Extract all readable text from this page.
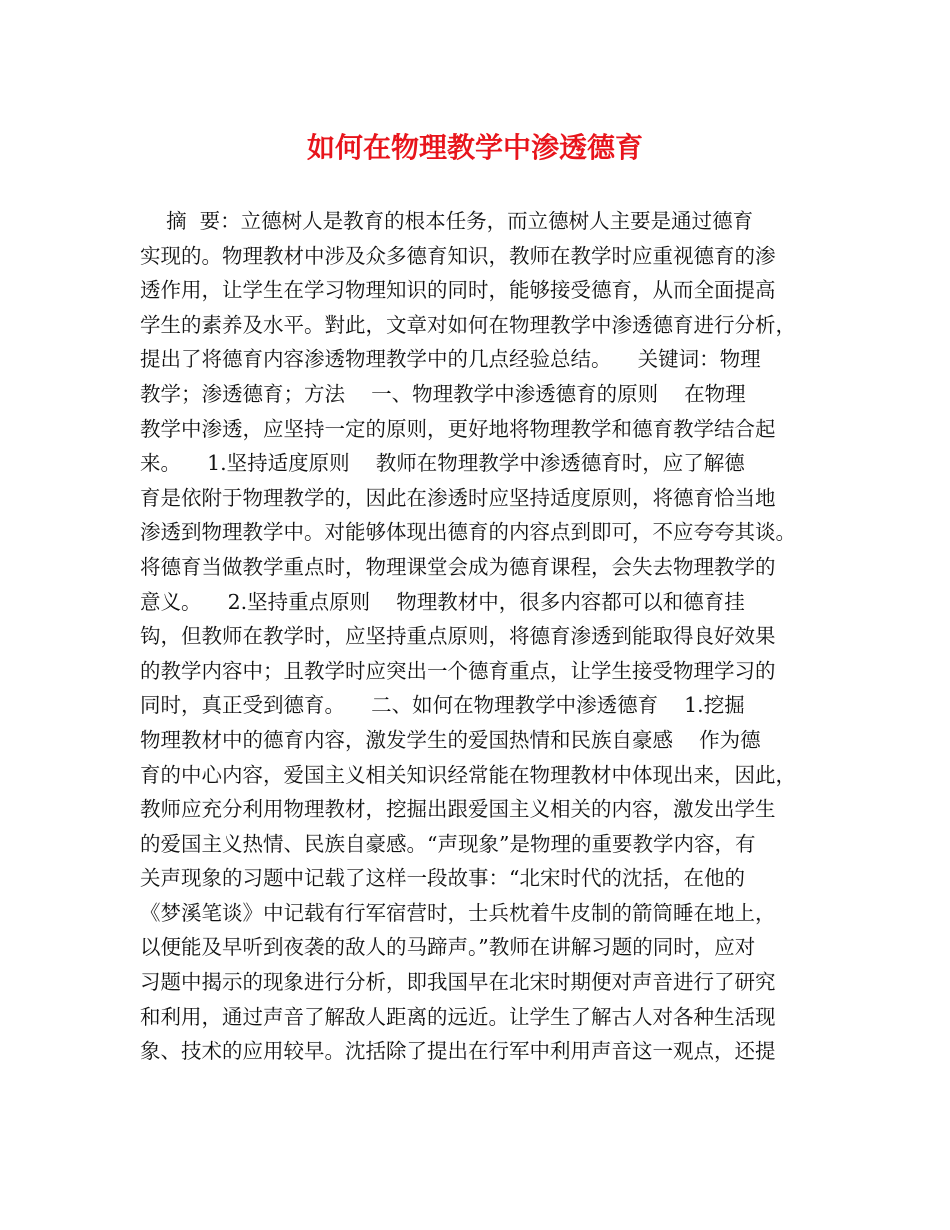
如何在物理教学中渗透德育
摘  要：立德树人是教育的根本任务，而立德树人主要是通过德育
实现的。物理教材中涉及众多德育知识，教师在教学时应重视德育的渗
透作用，让学生在学习物理知识的同时，能够接受德育，从而全面提高
学生的素养及水平。對此，文章对如何在物理教学中渗透德育进行分析，
提出了将德育内容渗透物理教学中的几点经验总结。    关键词：物理
教学；渗透德育；方法    一、物理教学中渗透德育的原则    在物理
教学中渗透，应坚持一定的原则，更好地将物理教学和德育教学结合起
来。    1.坚持适度原则    教师在物理教学中渗透德育时，应了解德
育是依附于物理教学的，因此在渗透时应坚持适度原则，将德育恰当地
渗透到物理教学中。对能够体现出德育的内容点到即可，不应夸夸其谈。
将德育当做教学重点时，物理课堂会成为德育课程，会失去物理教学的
意义。    2.坚持重点原则    物理教材中，很多内容都可以和德育挂
钩，但教师在教学时，应坚持重点原则，将德育渗透到能取得良好效果
的教学内容中；且教学时应突出一个德育重点，让学生接受物理学习的
同时，真正受到德育。    二、如何在物理教学中渗透德育    1.挖掘
物理教材中的德育内容，激发学生的爱国热情和民族自豪感    作为德
育的中心内容，爱国主义相关知识经常能在物理教材中体现出来，因此，
教师应充分利用物理教材，挖掘出跟爱国主义相关的内容，激发出学生
的爱国主义热情、民族自豪感。“声现象”是物理的重要教学内容，有
关声现象的习题中记载了这样一段故事：“北宋时代的沈括，在他的
《梦溪笔谈》中记载有行军宿营时，士兵枕着牛皮制的箭筒睡在地上，
以便能及早听到夜袭的敌人的马蹄声。”教师在讲解习题的同时，应对
习题中揭示的现象进行分析，即我国早在北宋时期便对声音进行了研究
和利用，通过声音了解敌人距离的远近。让学生了解古人对各种生活现
象、技术的应用较早。沈括除了提出在行军中利用声音这一观点，还提
